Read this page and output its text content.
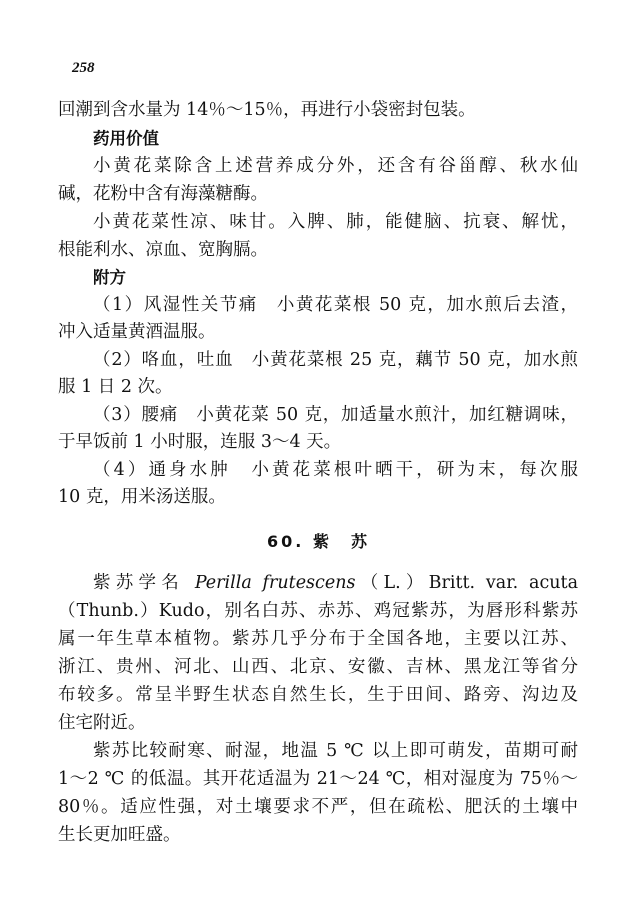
258
回潮到含水量为 14％～15％，再进行小袋密封包装。
药用价值
小黄花菜除含上述营养成分外，还含有谷甾醇、秋水仙
碱，花粉中含有海藻糖酶。
小黄花菜性凉、味甘。入脾、肺，能健脑、抗衰、解忧，
根能利水、凉血、宽胸膈。
附方
（1）风湿性关节痛　小黄花菜根 50 克，加水煎后去渣，
冲入适量黄酒温服。
（2）咯血，吐血　小黄花菜根 25 克，藕节 50 克，加水煎
服 1 日 2 次。
（3）腰痛　小黄花菜 50 克，加适量水煎汁，加红糖调味，
于早饭前 1 小时服，连服 3～4 天。
（4）通身水肿　小黄花菜根叶晒干，研为末，每次服
10 克，用米汤送服。
60. 紫　苏
紫苏学名 Perilla frutescens（L.）Britt. var. acuta
（Thunb.）Kudo，别名白苏、赤苏、鸡冠紫苏，为唇形科紫苏
属一年生草本植物。紫苏几乎分布于全国各地，主要以江苏、
浙江、贵州、河北、山西、北京、安徽、吉林、黑龙江等省分
布较多。常呈半野生状态自然生长，生于田间、路旁、沟边及
住宅附近。
紫苏比较耐寒、耐湿，地温 5 ℃ 以上即可萌发，苗期可耐
1～2 ℃ 的低温。其开花适温为 21～24 ℃，相对湿度为 75％～
80％。适应性强，对土壤要求不严，但在疏松、肥沃的土壤中
生长更加旺盛。
